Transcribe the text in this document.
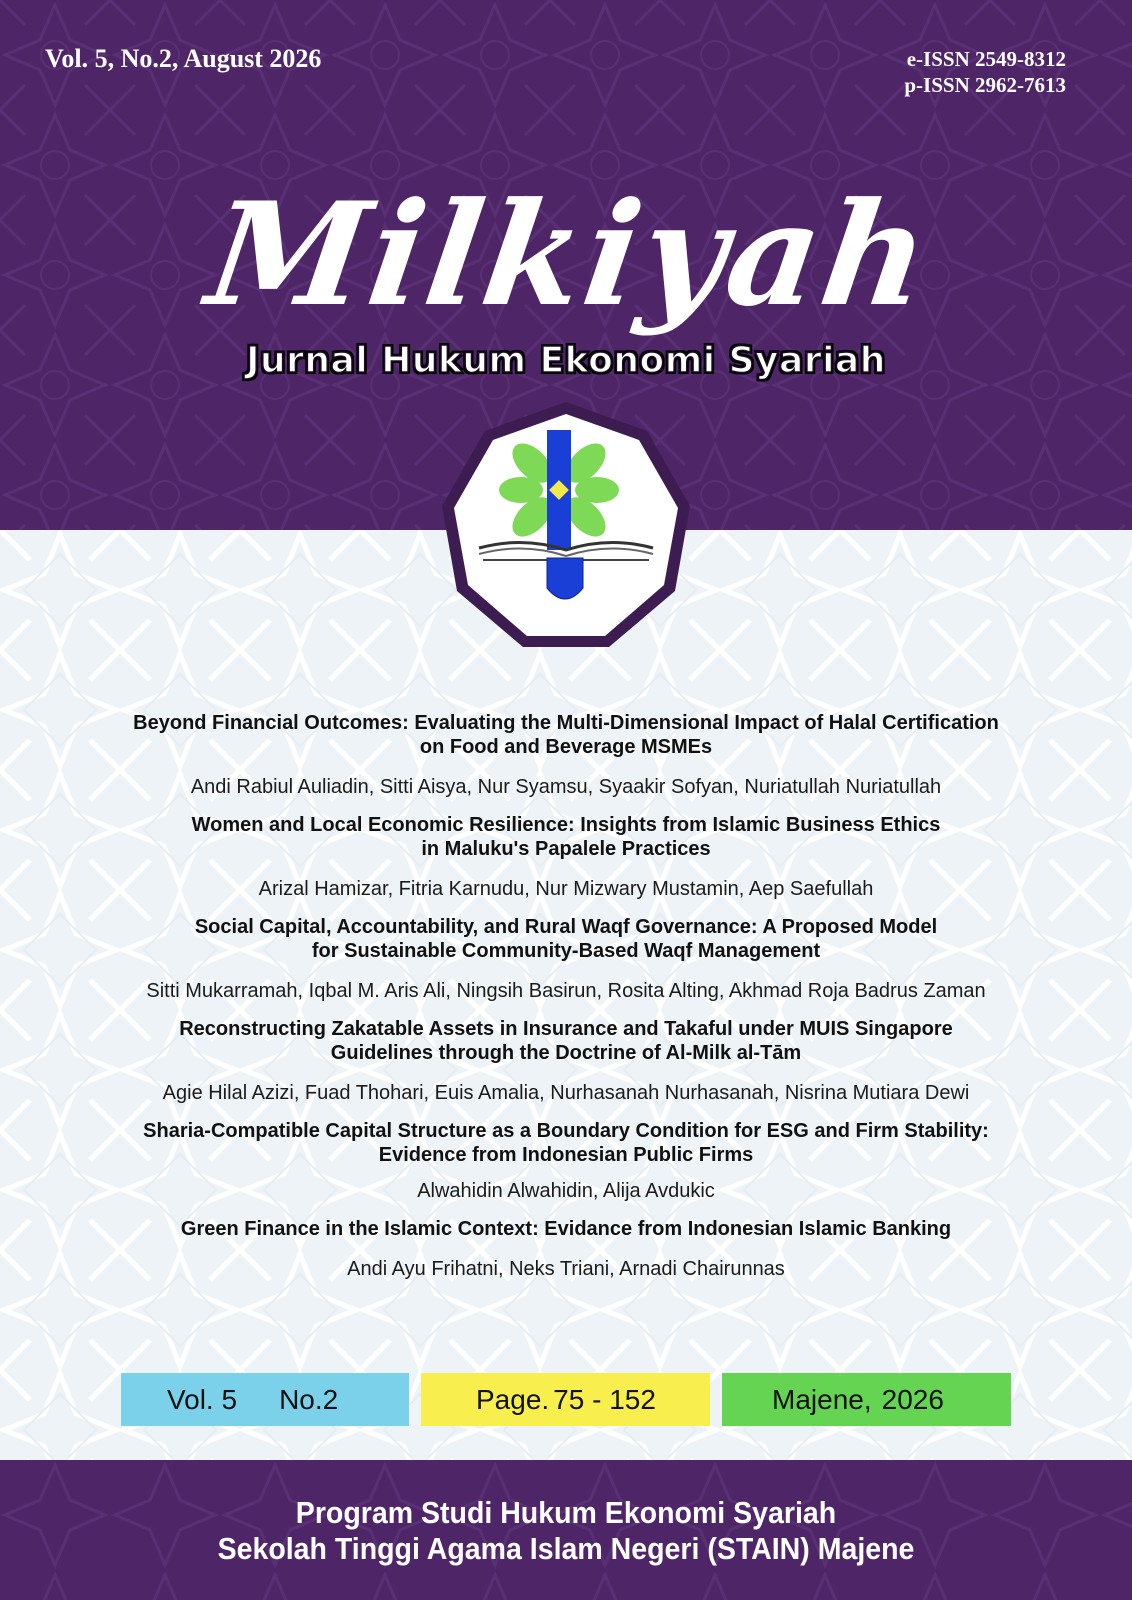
Vol. 5, No.2, August 2026	e-ISSN 2549-8312
p-ISSN 2962-7613
Milkiyah
Jurnal Hukum Ekonomi Syariah
Beyond Financial Outcomes: Evaluating the Multi-Dimensional Impact of Halal Certification
on Food and Beverage MSMEs
Andi Rabiul Auliadin, Sitti Aisya, Nur Syamsu, Syaakir Sofyan, Nuriatullah Nuriatullah
Women and Local Economic Resilience: Insights from Islamic Business Ethics
in Maluku's Papalele Practices
Arizal Hamizar, Fitria Karnudu, Nur Mizwary Mustamin, Aep Saefullah
Social Capital, Accountability, and Rural Waqf Governance: A Proposed Model
for Sustainable Community-Based Waqf Management
Sitti Mukarramah, Iqbal M. Aris Ali, Ningsih Basirun, Rosita Alting, Akhmad Roja Badrus Zaman
Reconstructing Zakatable Assets in Insurance and Takaful under MUIS Singapore
Guidelines through the Doctrine of Al-Milk al-Tām
Agie Hilal Azizi, Fuad Thohari, Euis Amalia, Nurhasanah Nurhasanah, Nisrina Mutiara Dewi
Sharia-Compatible Capital Structure as a Boundary Condition for ESG and Firm Stability:
Evidence from Indonesian Public Firms
Alwahidin Alwahidin, Alija Avdukic
Green Finance in the Islamic Context: Evidance from Indonesian Islamic Banking
Andi Ayu Frihatni, Neks Triani, Arnadi Chairunnas
Vol. 5 No.2	Page. 75 - 152	Majene, 2026
Program Studi Hukum Ekonomi Syariah
Sekolah Tinggi Agama Islam Negeri (STAIN) Majene
